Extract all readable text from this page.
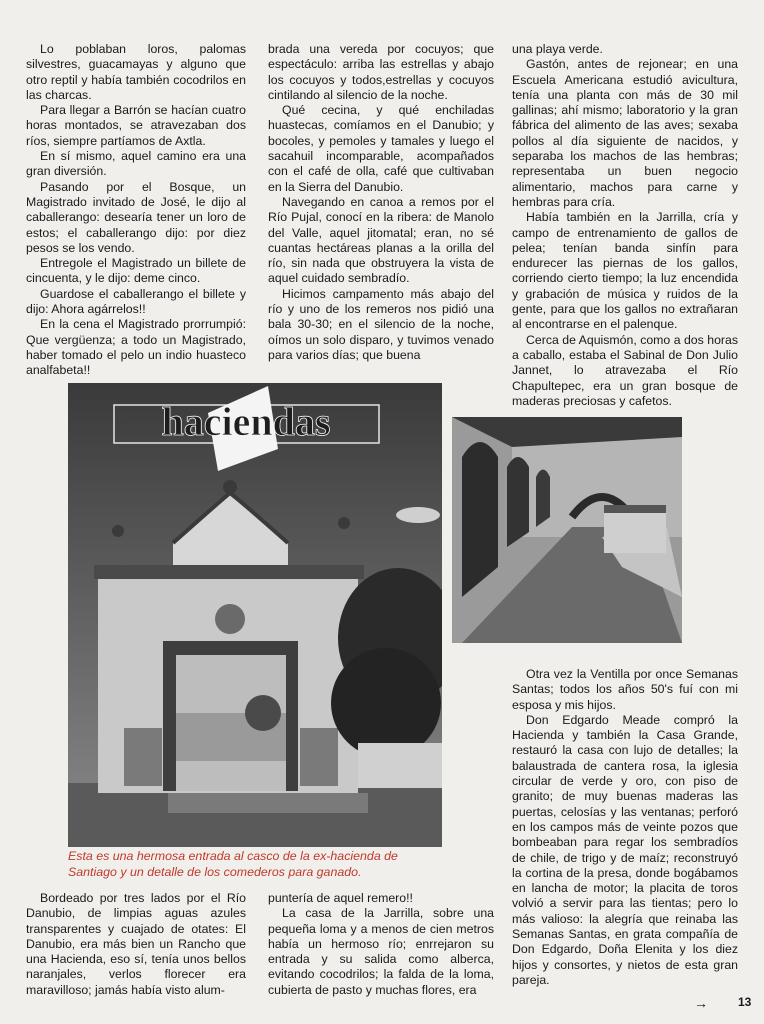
Lo poblaban loros, palomas silvestres, guacamayas y alguno que otro reptil y había también cocodrilos en las charcas.

Para llegar a Barrón se hacían cuatro horas montados, se atravezaban dos ríos, siempre partíamos de Axtla.

En sí mismo, aquel camino era una gran diversión.

Pasando por el Bosque, un Magistrado invitado de José, le dijo al caballerango: desearía tener un loro de estos; el caballerango dijo: por diez pesos se los vendo.

Entregole el Magistrado un billete de cincuenta, y le dijo: deme cinco.

Guardose el caballerango el billete y dijo: Ahora agárrelos!!

En la cena el Magistrado prorrumpió: Que vergüenza; a todo un Magistrado, haber tomado el pelo un indio huasteco analfabeta!!

brada una vereda por cocuyos; que espectáculo: arriba las estrellas y abajo los cocuyos y todos,estrellas y cocuyos cintilando al silencio de la noche.

Qué cecina, y qué enchiladas huastecas, comíamos en el Danubio; y bocoles, y pemoles y tamales y luego el sacahuil incomparable, acompañados con el café de olla, café que cultivaban en la Sierra del Danubio.

Navegando en canoa a remos por el Río Pujal, conocí en la ribera: de Manolo del Valle, aquel jitomatal; eran, no sé cuantas hectáreas planas a la orilla del río, sin nada que obstruyera la vista de aquel cuidado sembradío.

Hicimos campamento más abajo del río y uno de los remeros nos pidió una bala 30-30; en el silencio de la noche, oímos un solo disparo, y tuvimos venado para varios días; que buena

una playa verde.

Gastón, antes de rejonear; en una Escuela Americana estudió avicultura, tenía una planta con más de 30 mil gallinas; ahí mismo; laboratorio y la gran fábrica del alimento de las aves; sexaba pollos al día siguiente de nacidos, y separaba los machos de las hembras; representaba un buen negocio alimentario, machos para carne y hembras para cría.

Había también en la Jarrilla, cría y campo de entrenamiento de gallos de pelea; tenían banda sinfín para endurecer las piernas de los gallos, corriendo cierto tiempo; la luz encendida y grabación de música y ruidos de la gente, para que los gallos no extrañaran al encontrarse en el palenque.

Cerca de Aquismón, como a dos horas a caballo, estaba el Sabinal de Don Julio Jannet, lo atravezaba el Río Chapultepec, era un gran bosque de maderas preciosas y cafetos.

Otra vez la Ventilla por once Semanas Santas; todos los años 50's fuí con mi esposa y mis hijos.

Don Edgardo Meade compró la Hacienda y también la Casa Grande, restauró la casa con lujo de detalles; la balaustrada de cantera rosa, la iglesia circular de verde y oro, con piso de granito; de muy buenas maderas las puertas, celosías y las ventanas; perforó en los campos más de veinte pozos que bombeaban para regar los sembradíos de chile, de trigo y de maíz; reconstruyó la cortina de la presa, donde bogábamos en lancha de motor; la placita de toros volvió a servir para las tientas; pero lo más valioso: la alegría que reinaba las Semanas Santas, en grata compañía de Don Edgardo, Doña Elenita y los diez hijos y consortes, y nietos de esta gran pareja.

Bordeado por tres lados por el Río Danubio, de limpias aguas azules transparentes y cuajado de otates: El Danubio, era más bien un Rancho que una Hacienda, eso sí, tenía unos bellos naranjales, verlos florecer era maravilloso; jamás había visto alum-

puntería de aquel remero!!

La casa de la Jarrilla, sobre una pequeña loma y a menos de cien metros había un hermoso río; enrrejaron su entrada y su salida como alberca, evitando cocodrilos; la falda de la loma, cubierta de pasto y muchas flores, era

haciendas
Esta es una hermosa entrada al casco de la ex-hacienda de Santiago y un detalle de los comederos para ganado.
→	13
